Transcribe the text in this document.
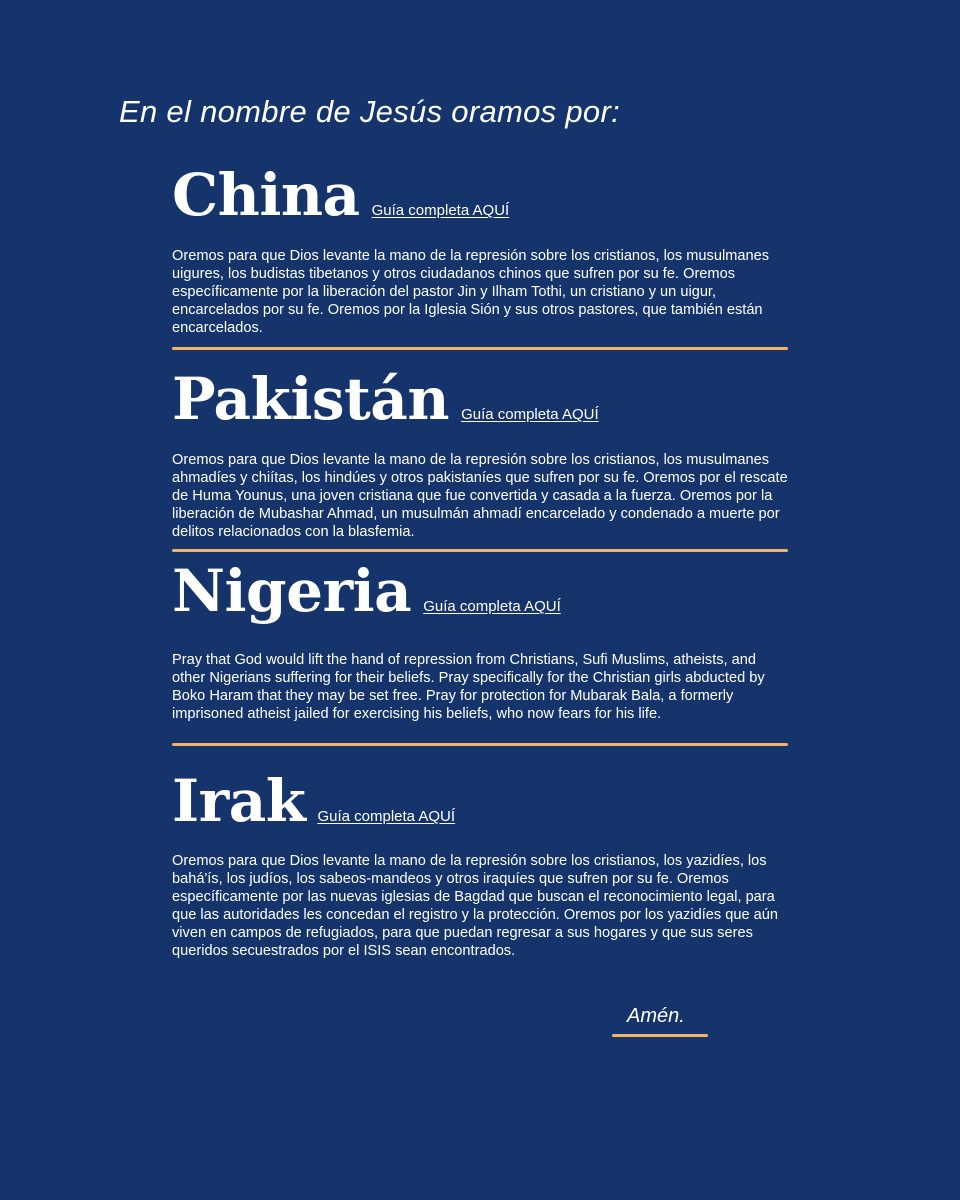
En el nombre de Jesús oramos por:
China Guía completa AQUÍ

Oremos para que Dios levante la mano de la represión sobre los cristianos, los musulmanes uigures, los budistas tibetanos y otros ciudadanos chinos que sufren por su fe. Oremos específicamente por la liberación del pastor Jin y Ilham Tothi, un cristiano y un uigur, encarcelados por su fe. Oremos por la Iglesia Sión y sus otros pastores, que también están encarcelados.

Pakistán Guía completa AQUÍ

Oremos para que Dios levante la mano de la represión sobre los cristianos, los musulmanes ahmadíes y chiítas, los hindúes y otros pakistaníes que sufren por su fe. Oremos por el rescate de Huma Younus, una joven cristiana que fue convertida y casada a la fuerza. Oremos por la liberación de Mubashar Ahmad, un musulmán ahmadí encarcelado y condenado a muerte por delitos relacionados con la blasfemia.

Nigeria Guía completa AQUÍ

Pray that God would lift the hand of repression from Christians, Sufi Muslims, atheists, and other Nigerians suffering for their beliefs. Pray specifically for the Christian girls abducted by Boko Haram that they may be set free. Pray for protection for Mubarak Bala, a formerly imprisoned atheist jailed for exercising his beliefs, who now fears for his life.

Irak Guía completa AQUÍ

Oremos para que Dios levante la mano de la represión sobre los cristianos, los yazidíes, los bahá'ís, los judíos, los sabeos-mandeos y otros iraquíes que sufren por su fe. Oremos específicamente por las nuevas iglesias de Bagdad que buscan el reconocimiento legal, para que las autoridades les concedan el registro y la protección. Oremos por los yazidíes que aún viven en campos de refugiados, para que puedan regresar a sus hogares y que sus seres queridos secuestrados por el ISIS sean encontrados.

Amén.
